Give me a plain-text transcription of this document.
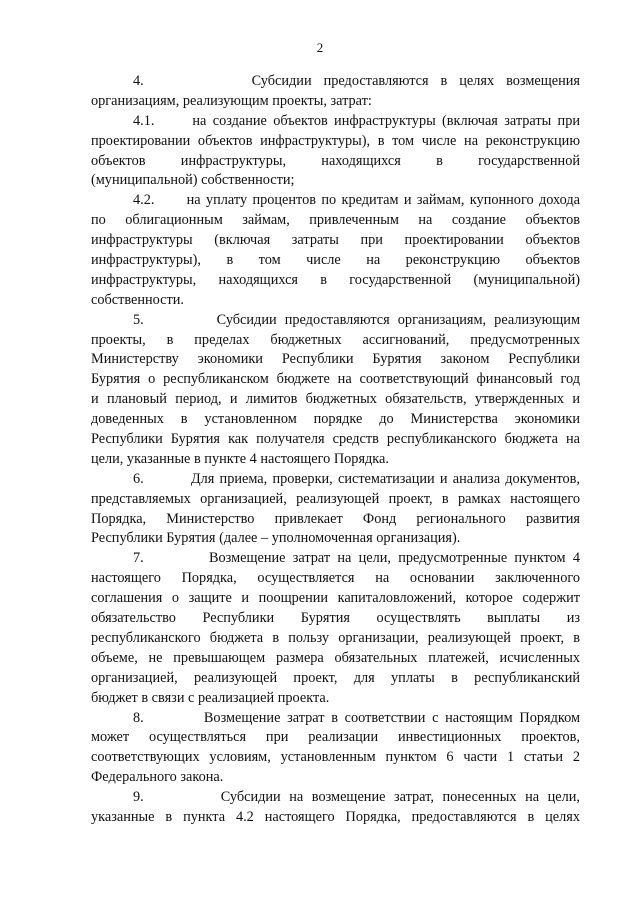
2
4.         Субсидии предоставляются в целях возмещения
организациям, реализующим проекты, затрат:
4.1.      на создание объектов инфраструктуры (включая затраты при
проектировании объектов инфраструктуры), в том числе на реконструкцию
объектов инфраструктуры, находящихся в государственной
(муниципальной) собственности;
4.2.      на уплату процентов по кредитам и займам, купонного дохода
по облигационным займам, привлеченным на создание объектов
инфраструктуры (включая затраты при проектировании объектов
инфраструктуры), в том числе на реконструкцию объектов
инфраструктуры, находящихся в государственной (муниципальной)
собственности.
5.         Субсидии предоставляются организациям, реализующим
проекты, в пределах бюджетных ассигнований, предусмотренных
Министерству экономики Республики Бурятия законом Республики
Бурятия о республиканском бюджете на соответствующий финансовый год
и плановый период, и лимитов бюджетных обязательств, утвержденных и
доведенных в установленном порядке до Министерства экономики
Республики Бурятия как получателя средств республиканского бюджета на
цели, указанные в пункте 4 настоящего Порядка.
6.         Для приема, проверки, систематизации и анализа документов,
представляемых организацией, реализующей проект, в рамках настоящего
Порядка, Министерство привлекает Фонд регионального развития
Республики Бурятия (далее – уполномоченная организация).
7.         Возмещение затрат на цели, предусмотренные пунктом 4
настоящего Порядка, осуществляется на основании заключенного
соглашения о защите и поощрении капиталовложений, которое содержит
обязательство Республики Бурятия осуществлять выплаты из
республиканского бюджета в пользу организации, реализующей проект, в
объеме, не превышающем размера обязательных платежей, исчисленных
организацией, реализующей проект, для уплаты в республиканский
бюджет в связи с реализацией проекта.
8.         Возмещение затрат в соответствии с настоящим Порядком
может осуществляться при реализации инвестиционных проектов,
соответствующих условиям, установленным пунктом 6 части 1 статьи 2
Федерального закона.
9.         Субсидии на возмещение затрат, понесенных на цели,
указанные в пункта 4.2 настоящего Порядка, предоставляются в целях
